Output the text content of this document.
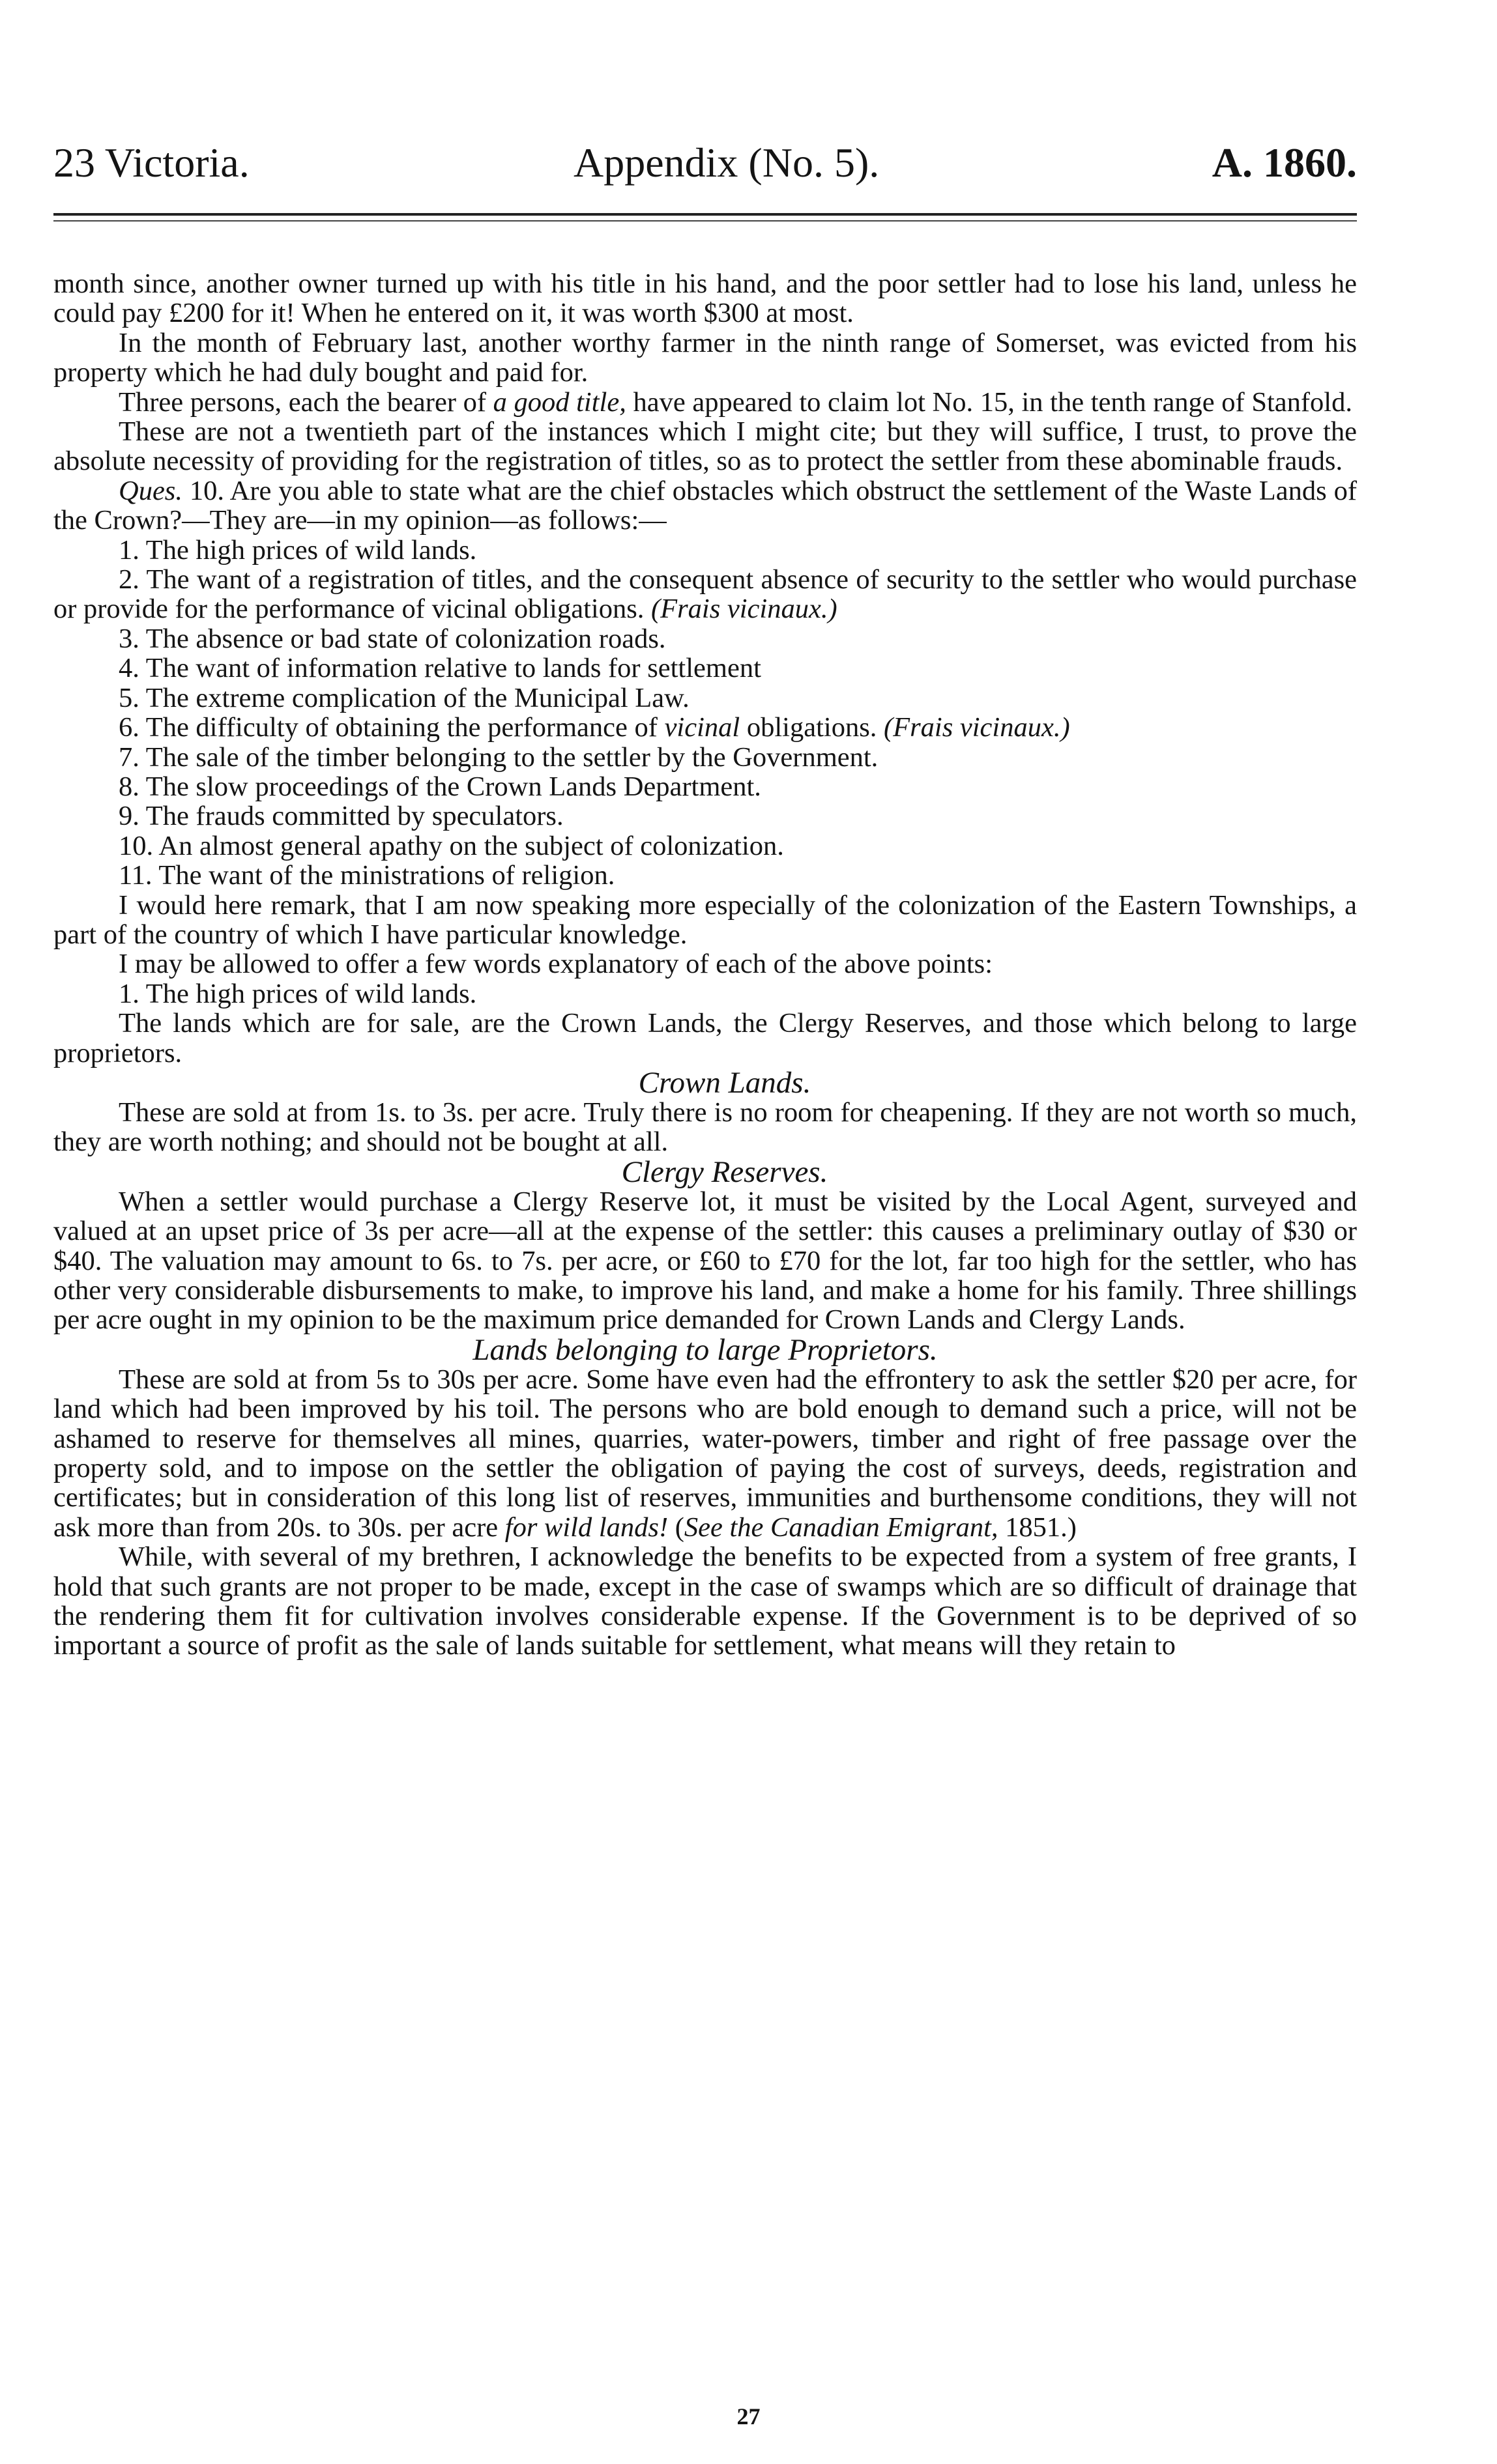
23 Victoria.	Appendix (No. 5).	A. 1860.

month since, another owner turned up with his title in his hand, and the poor settler had to lose his land, unless he could pay £200 for it! When he entered on it, it was worth $300 at most.

In the month of February last, another worthy farmer in the ninth range of Somerset, was evicted from his property which he had duly bought and paid for.

Three persons, each the bearer of a good title, have appeared to claim lot No. 15, in the tenth range of Stanfold.

These are not a twentieth part of the instances which I might cite; but they will suffice, I trust, to prove the absolute necessity of providing for the registration of titles, so as to protect the settler from these abominable frauds.

Ques. 10. Are you able to state what are the chief obstacles which obstruct the settlement of the Waste Lands of the Crown?—They are—in my opinion—as follows:—

1. The high prices of wild lands.

2. The want of a registration of titles, and the consequent absence of security to the settler who would purchase or provide for the performance of vicinal obligations. (Frais vicinaux.)

3. The absence or bad state of colonization roads.

4. The want of information relative to lands for settlement

5. The extreme complication of the Municipal Law.

6. The difficulty of obtaining the performance of vicinal obligations. (Frais vicinaux.)

7. The sale of the timber belonging to the settler by the Government.

8. The slow proceedings of the Crown Lands Department.

9. The frauds committed by speculators.

10. An almost general apathy on the subject of colonization.

11. The want of the ministrations of religion.

I would here remark, that I am now speaking more especially of the colonization of the Eastern Townships, a part of the country of which I have particular knowledge.

I may be allowed to offer a few words explanatory of each of the above points:

1. The high prices of wild lands.

The lands which are for sale, are the Crown Lands, the Clergy Reserves, and those which belong to large proprietors.

Crown Lands.

These are sold at from 1s. to 3s. per acre. Truly there is no room for cheapening. If they are not worth so much, they are worth nothing; and should not be bought at all.

Clergy Reserves.

When a settler would purchase a Clergy Reserve lot, it must be visited by the Local Agent, surveyed and valued at an upset price of 3s per acre—all at the expense of the settler: this causes a preliminary outlay of $30 or $40. The valuation may amount to 6s. to 7s. per acre, or £60 to £70 for the lot, far too high for the settler, who has other very considerable disbursements to make, to improve his land, and make a home for his family. Three shillings per acre ought in my opinion to be the maximum price demanded for Crown Lands and Clergy Lands.

Lands belonging to large Proprietors.

These are sold at from 5s to 30s per acre. Some have even had the effrontery to ask the settler $20 per acre, for land which had been improved by his toil. The persons who are bold enough to demand such a price, will not be ashamed to reserve for themselves all mines, quarries, water-powers, timber and right of free passage over the property sold, and to impose on the settler the obligation of paying the cost of surveys, deeds, registration and certificates; but in consideration of this long list of reserves, immunities and burthensome conditions, they will not ask more than from 20s. to 30s. per acre for wild lands! (See the Canadian Emigrant, 1851.)

While, with several of my brethren, I acknowledge the benefits to be expected from a system of free grants, I hold that such grants are not proper to be made, except in the case of swamps which are so difficult of drainage that the rendering them fit for cultivation involves considerable expense. If the Government is to be deprived of so important a source of profit as the sale of lands suitable for settlement, what means will they retain to

27
